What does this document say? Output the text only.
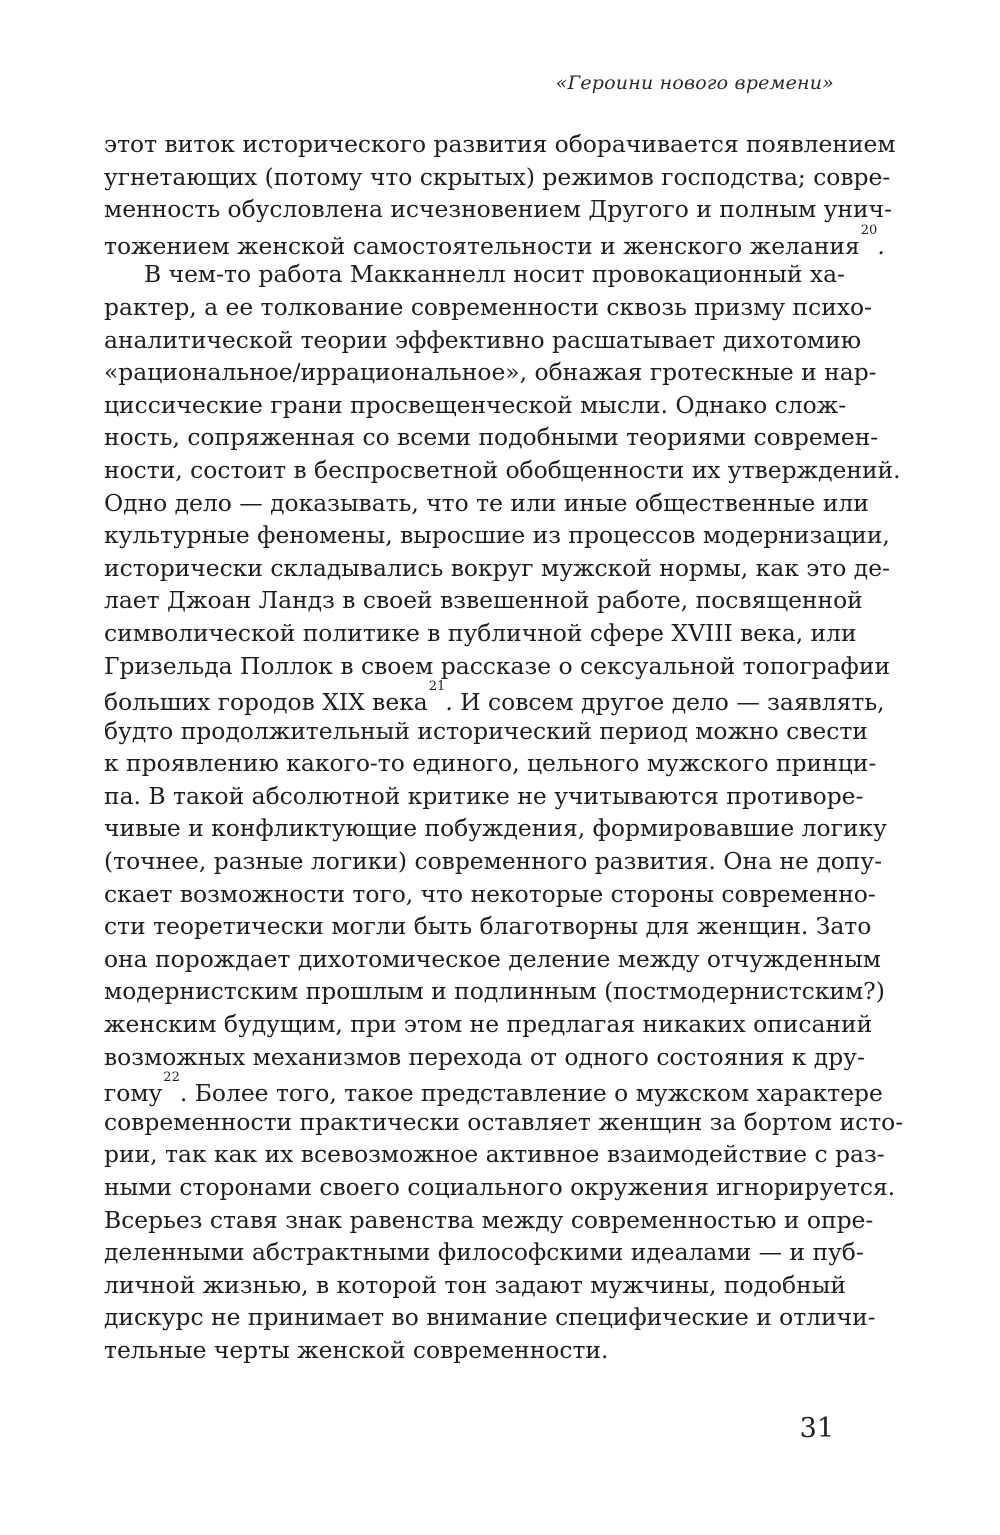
«Героини нового времени»
этот виток исторического развития оборачивается появлением
угнетающих (потому что скрытых) режимов господства; совре-
менность обусловлена исчезновением Другого и полным унич-
тожением женской самостоятельности и женского желания$^{20}$.
В чем-то работа Макканнелл носит провокационный ха-
рактер, а ее толкование современности сквозь призму психо-
аналитической теории эффективно расшатывает дихотомию
«рациональное/иррациональное», обнажая гротескные и нар-
циссические грани просвещенческой мысли. Однако слож-
ность, сопряженная со всеми подобными теориями современ-
ности, состоит в беспросветной обобщенности их утверждений.
Одно дело — доказывать, что те или иные общественные или
культурные феномены, выросшие из процессов модернизации,
исторически складывались вокруг мужской нормы, как это де-
лает Джоан Ландз в своей взвешенной работе, посвященной
символической политике в публичной сфере XVIII века, или
Гризельда Поллок в своем рассказе о сексуальной топографии
больших городов XIX века$^{21}$. И совсем другое дело — заявлять,
будто продолжительный исторический период можно свести
к проявлению какого-то единого, цельного мужского принци-
па. В такой абсолютной критике не учитываются противоре-
чивые и конфликтующие побуждения, формировавшие логику
(точнее, разные логики) современного развития. Она не допу-
скает возможности того, что некоторые стороны современно-
сти теоретически могли быть благотворны для женщин. Зато
она порождает дихотомическое деление между отчужденным
модернистским прошлым и подлинным (постмодернистским?)
женским будущим, при этом не предлагая никаких описаний
возможных механизмов перехода от одного состояния к дру-
гому$^{22}$. Более того, такое представление о мужском характере
современности практически оставляет женщин за бортом исто-
рии, так как их всевозможное активное взаимодействие с раз-
ными сторонами своего социального окружения игнорируется.
Всерьез ставя знак равенства между современностью и опре-
деленными абстрактными философскими идеалами — и пуб-
личной жизнью, в которой тон задают мужчины, подобный
дискурс не принимает во внимание специфические и отличи-
тельные черты женской современности.
31
